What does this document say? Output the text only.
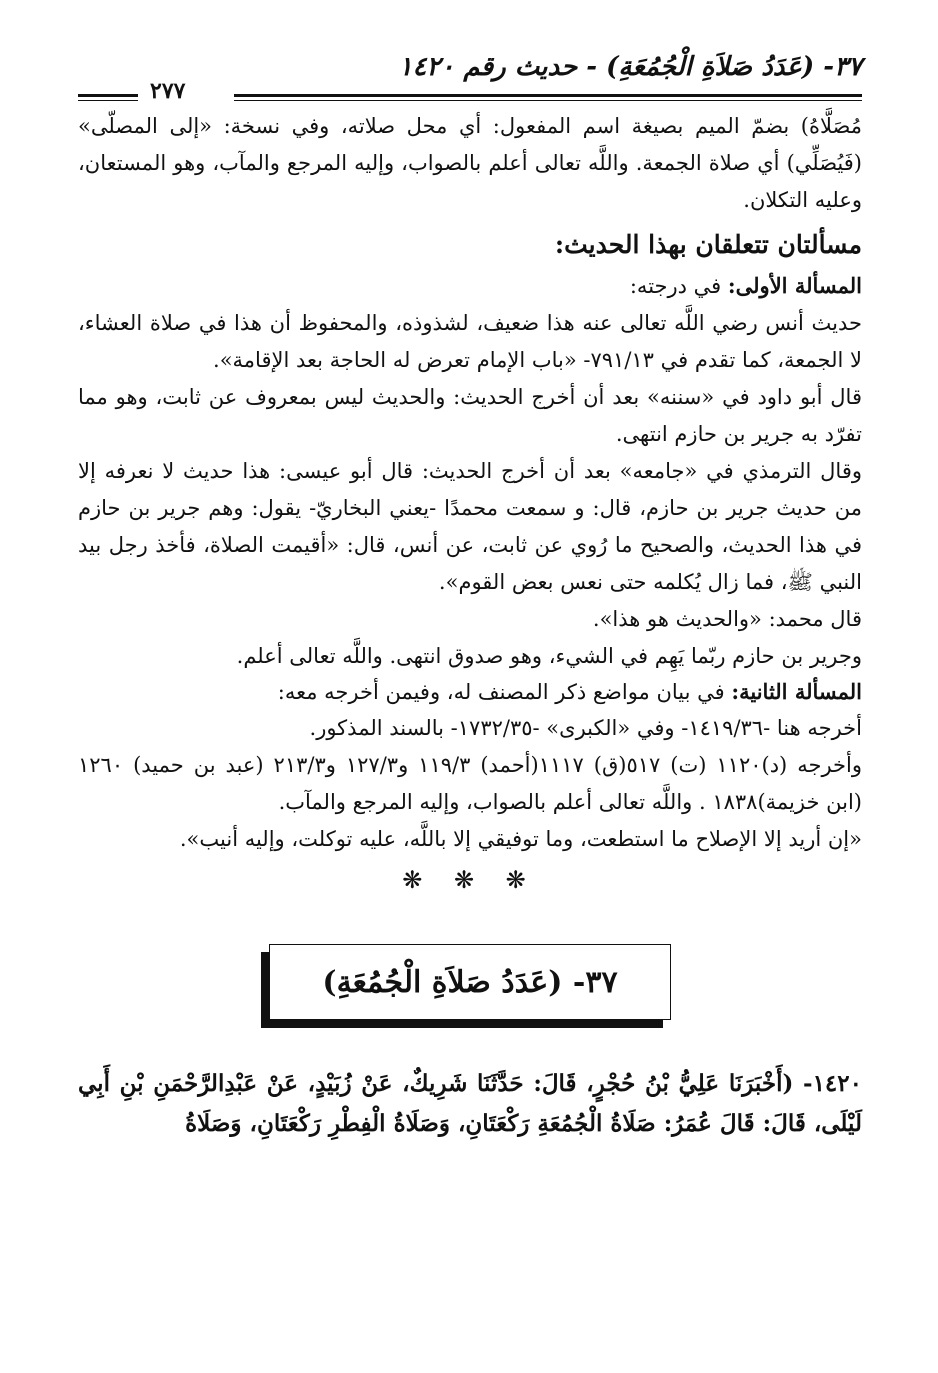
٣٧- (عَدَدُ صَلاَةِ الْجُمُعَةِ) - حديث رقم ١٤٢٠
٢٧٧

مُصَلَّاهُ) بضمّ الميم بصيغة اسم المفعول: أي محل صلاته، وفي نسخة: «إلى المصلّى» (فَيُصَلِّي) أي صلاة الجمعة. واللَّه تعالى أعلم بالصواب، وإليه المرجع والمآب، وهو المستعان، وعليه التكلان.

مسألتان تتعلقان بهذا الحديث:

المسألة الأولى: في درجته:

حديث أنس رضي اللَّه تعالى عنه هذا ضعيف، لشذوذه، والمحفوظ أن هذا في صلاة العشاء، لا الجمعة، كما تقدم في ٧٩١/١٣- «باب الإمام تعرض له الحاجة بعد الإقامة».

قال أبو داود في «سننه» بعد أن أخرج الحديث: والحديث ليس بمعروف عن ثابت، وهو مما تفرّد به جرير بن حازم انتهى.

وقال الترمذي في «جامعه» بعد أن أخرج الحديث: قال أبو عيسى: هذا حديث لا نعرفه إلا من حديث جرير بن حازم، قال: و سمعت محمدًا -يعني البخاريّ- يقول: وهم جرير بن حازم في هذا الحديث، والصحيح ما رُوي عن ثابت، عن أنس، قال: «أقيمت الصلاة، فأخذ رجل بيد النبي ﷺ، فما زال يُكلمه حتى نعس بعض القوم».

قال محمد: «والحديث هو هذا».

وجرير بن حازم ربّما يَهِم في الشيء، وهو صدوق انتهى. واللَّه تعالى أعلم.

المسألة الثانية: في بيان مواضع ذكر المصنف له، وفيمن أخرجه معه:

أخرجه هنا -١٤١٩/٣٦- وفي «الكبرى» -١٧٣٢/٣٥- بالسند المذكور.

وأخرجه (د)١١٢٠ (ت) ٥١٧(ق) ١١١٧(أحمد) ١١٩/٣ و١٢٧/٣ و٢١٣/٣ (عبد بن حميد) ١٢٦٠ (ابن خزيمة)١٨٣٨ . واللَّه تعالى أعلم بالصواب، وإليه المرجع والمآب.

«إن أريد إلا الإصلاح ما استطعت، وما توفيقي إلا باللَّه، عليه توكلت، وإليه أنيب».

❋ ❋ ❋
٣٧- (عَدَدُ صَلاَةِ الْجُمُعَةِ)

١٤٢٠- (أَخْبَرَنَا عَلِيُّ بْنُ حُجْرٍ، قَالَ: حَدَّثَنَا شَرِيكٌ، عَنْ زُبَيْدٍ، عَنْ عَبْدِالرَّحْمَنِ بْنِ أَبِي لَيْلَى، قَالَ: قَالَ عُمَرُ: صَلَاةُ الْجُمُعَةِ رَكْعَتَانِ، وَصَلَاةُ الْفِطْرِ رَكْعَتَانِ، وَصَلَاةُ
